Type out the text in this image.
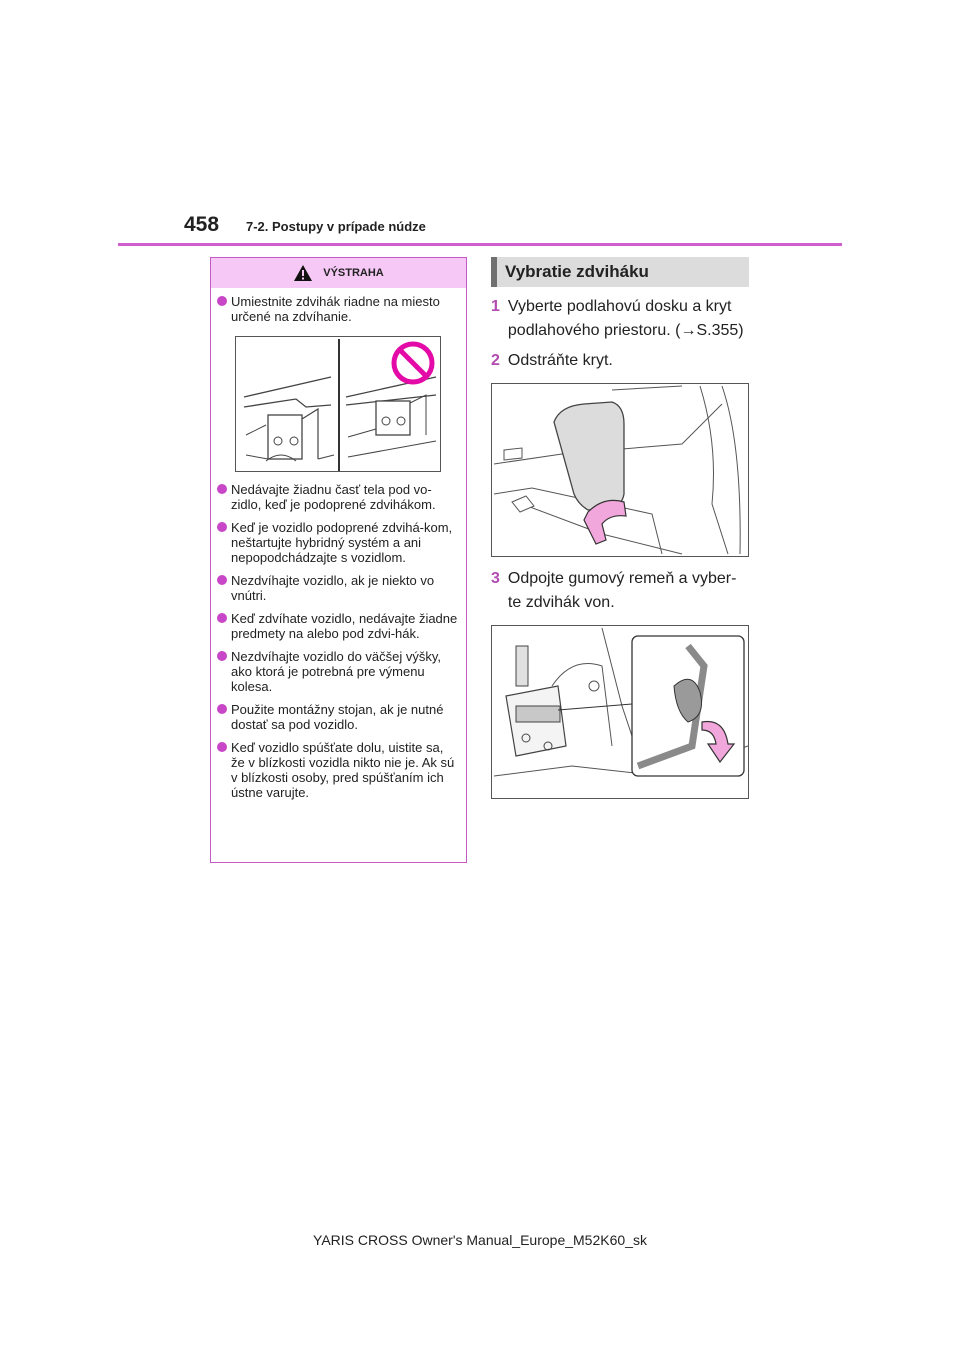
458 7-2. Postupy v prípade núdze
VÝSTRAHA
Umiestnite zdvihák riadne na miesto určené na zdvíhanie.
Nedávajte žiadnu časť tela pod vo-zidlo, keď je podoprené zdvihákom.
Keď je vozidlo podoprené zdvihá-kom, neštartujte hybridný systém a ani nepopodchádzajte s vozidlom.
Nezdvíhajte vozidlo, ak je niekto vo vnútri.
Keď zdvíhate vozidlo, nedávajte žiadne predmety na alebo pod zdvi-hák.
Nezdvíhajte vozidlo do väčšej výšky, ako ktorá je potrebná pre výmenu kolesa.
Použite montážny stojan, ak je nutné dostať sa pod vozidlo.
Keď vozidlo spúšťate dolu, uistite sa, že v blízkosti vozidla nikto nie je. Ak sú v blízkosti osoby, pred spúšťaním ich ústne varujte.
Vybratie zdviháku
1 Vyberte podlahovú dosku a kryt podlahového priestoru. (→S.355)
2 Odstráňte kryt.
3 Odpojte gumový remeň a vyber-te zdvihák von.
YARIS CROSS Owner's Manual_Europe_M52K60_sk
